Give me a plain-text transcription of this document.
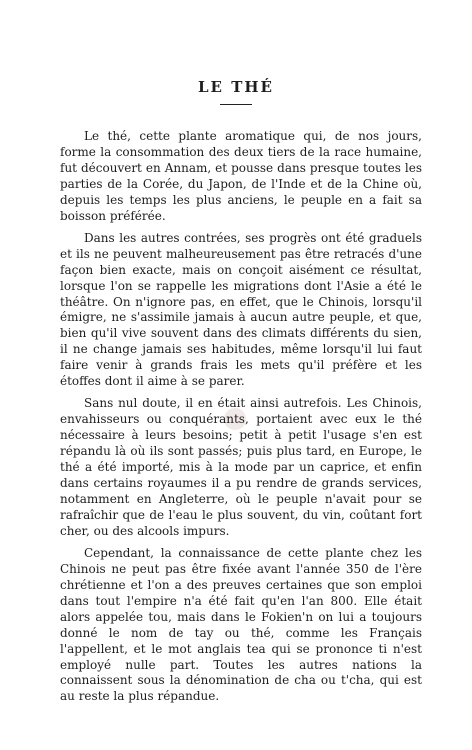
LE THÉ

Le thé, cette plante aromatique qui, de nos jours, forme la consommation des deux tiers de la race humaine, fut découvert en Annam, et pousse dans presque toutes les parties de la Corée, du Japon, de l'Inde et de la Chine où, depuis les temps les plus anciens, le peuple en a fait sa boisson préférée.

Dans les autres contrées, ses progrès ont été graduels et ils ne peuvent malheureusement pas être retracés d'une façon bien exacte, mais on conçoit aisément ce résultat, lorsque l'on se rappelle les migrations dont l'Asie a été le théâtre. On n'ignore pas, en effet, que le Chinois, lorsqu'il émigre, ne s'assimile jamais à aucun autre peuple, et que, bien qu'il vive souvent dans des climats différents du sien, il ne change jamais ses habitudes, même lorsqu'il lui faut faire venir à grands frais les mets qu'il préfère et les étoffes dont il aime à se parer.

Sans nul doute, il en était ainsi autrefois. Les Chinois, envahisseurs ou conquérants, portaient avec eux le thé nécessaire à leurs besoins; petit à petit l'usage s'en est répandu là où ils sont passés; puis plus tard, en Europe, le thé a été importé, mis à la mode par un caprice, et enfin dans certains royaumes il a pu rendre de grands services, notamment en Angleterre, où le peuple n'avait pour se rafraîchir que de l'eau le plus souvent, du vin, coûtant fort cher, ou des alcools impurs.

Cependant, la connaissance de cette plante chez les Chinois ne peut pas être fixée avant l'année 350 de l'ère chrétienne et l'on a des preuves certaines que son emploi dans tout l'empire n'a été fait qu'en l'an 800. Elle était alors appelée tou, mais dans le Fokien'n on lui a toujours donné le nom de tay ou thé, comme les Français l'appellent, et le mot anglais tea qui se prononce ti n'est employé nulle part. Toutes les autres nations la connaissent sous la dénomination de cha ou t'cha, qui est au reste la plus répandue.
